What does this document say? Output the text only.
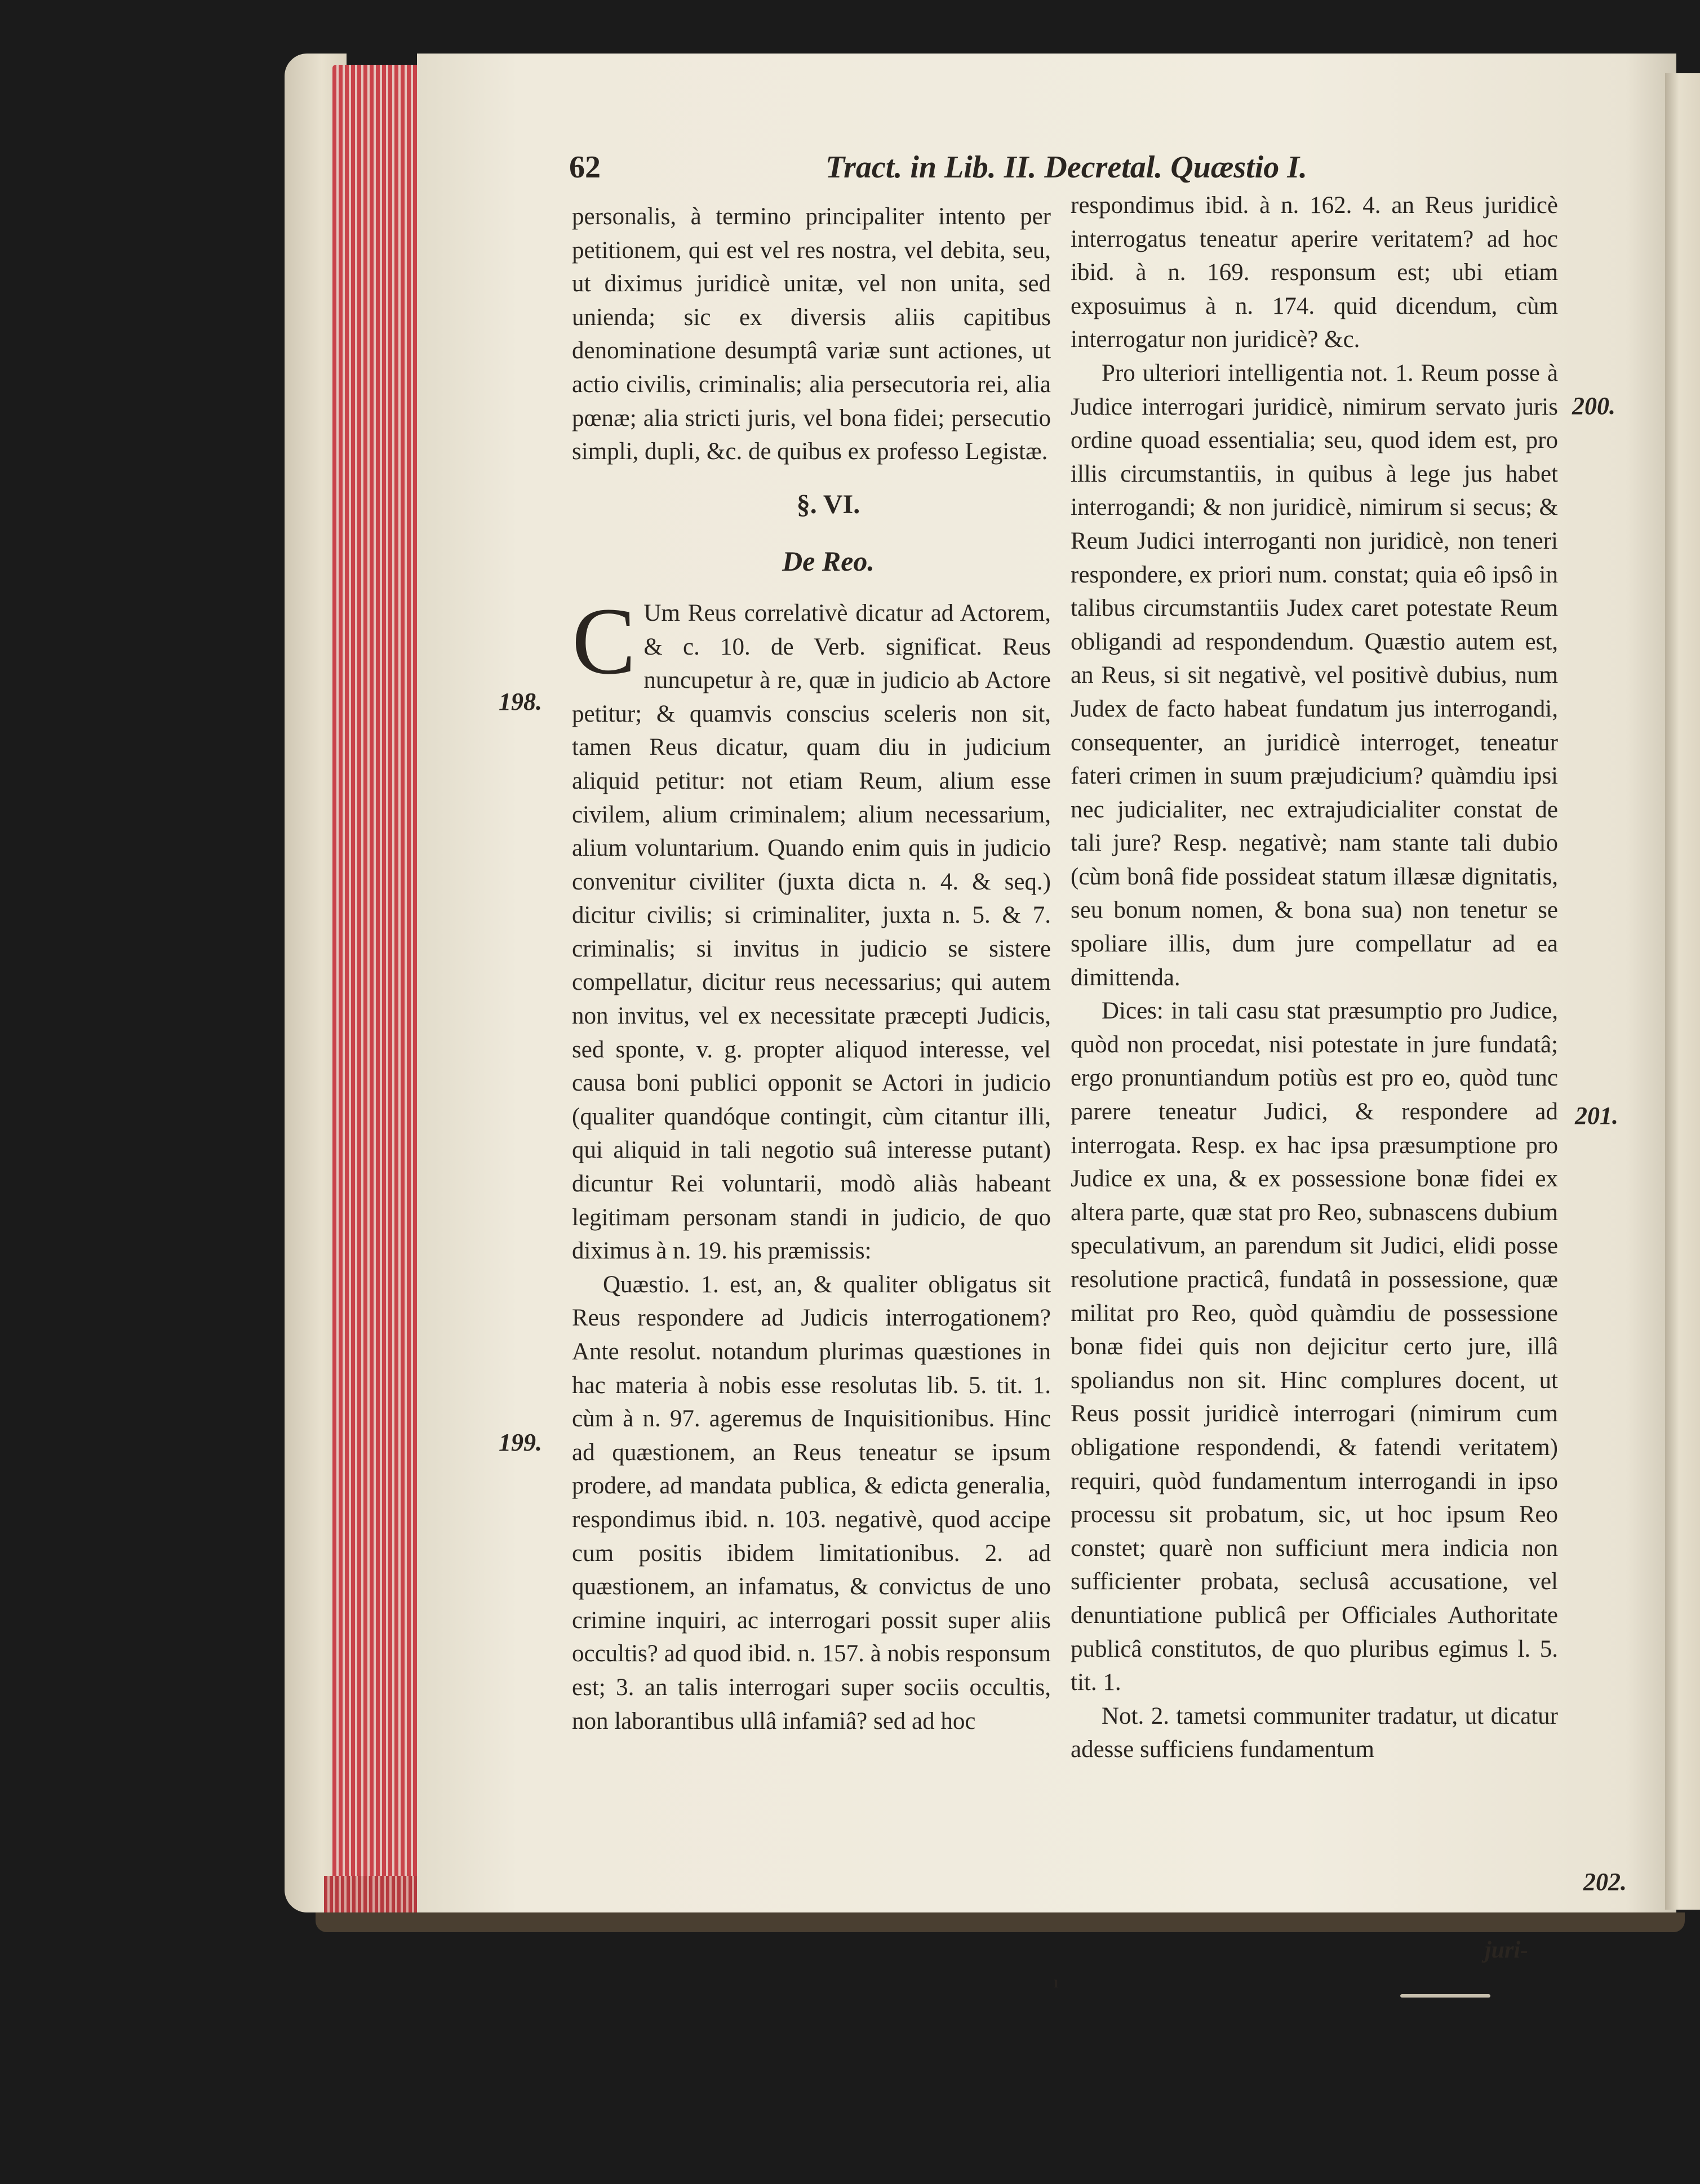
62	Tract. in Lib. II. Decretal. Quæstio I.

personalis, à termino principaliter intento per petitionem, qui est vel res nostra, vel debita, seu, ut diximus juridicè unitæ, vel non unita, sed unienda; sic ex diversis aliis capitibus denominatione desumptâ variæ sunt actiones, ut actio civilis, criminalis; alia persecutoria rei, alia pœnæ; alia stricti juris, vel bona fidei; persecutio simpli, dupli, &c. de quibus ex professo Legistæ.

§. VI.

De Reo.

C Um Reus correlativè dicatur ad Actorem, & c. 10. de Verb. significat. Reus nuncupetur à re, quæ in judicio ab Actore petitur; & quamvis conscius sceleris non sit, tamen Reus dicatur, quam diu in judicium aliquid petitur: not etiam Reum, alium esse civilem, alium criminalem; alium necessarium, alium voluntarium. Quando enim quis in judicio convenitur civiliter (juxta dicta n. 4. & seq.) dicitur civilis; si criminaliter, juxta n. 5. & 7. criminalis; si invitus in judicio se sistere compellatur, dicitur reus necessarius; qui autem non invitus, vel ex necessitate præcepti Judicis, sed sponte, v. g. propter aliquod interesse, vel causa boni publici opponit se Actori in judicio (qualiter quandóque contingit, cùm citantur illi, qui aliquid in tali negotio suâ interesse putant) dicuntur Rei voluntarii, modò aliàs habeant legitimam personam standi in judicio, de quo diximus à n. 19. his præmissis:

Quæstio. 1. est, an, & qualiter obligatus sit Reus respondere ad Judicis interrogationem? Ante resolut. notandum plurimas quæstiones in hac materia à nobis esse resolutas lib. 5. tit. 1. cùm à n. 97. ageremus de Inquisitionibus. Hinc ad quæstionem, an Reus teneatur se ipsum prodere, ad mandata publica, & edicta generalia, respondimus ibid. n. 103. negativè, quod accipe cum positis ibidem limitationibus. 2. ad quæstionem, an infamatus, & convictus de uno crimine inquiri, ac interrogari possit super aliis occultis? ad quod ibid. n. 157. à nobis responsum est; 3. an talis interrogari super sociis occultis, non laborantibus ullâ infamiâ? sed ad hoc

respondimus ibid. à n. 162. 4. an Reus juridicè interrogatus teneatur aperire veritatem? ad hoc ibid. à n. 169. responsum est; ubi etiam exposuimus à n. 174. quid dicendum, cùm interrogatur non juridicè? &c.

Pro ulteriori intelligentia not. 1. Reum posse à Judice interrogari juridicè, nimirum servato juris ordine quoad essentialia; seu, quod idem est, pro illis circumstantiis, in quibus à lege jus habet interrogandi; & non juridicè, nimirum si secus; & Reum Judici interroganti non juridicè, non teneri respondere, ex priori num. constat; quia eô ipsô in talibus circumstantiis Judex caret potestate Reum obligandi ad respondendum. Quæstio autem est, an Reus, si sit negativè, vel positivè dubius, num Judex de facto habeat fundatum jus interrogandi, consequenter, an juridicè interroget, teneatur fateri crimen in suum præjudicium? quàmdiu ipsi nec judicialiter, nec extrajudicialiter constat de tali jure? Resp. negativè; nam stante tali dubio (cùm bonâ fide possideat statum illæsæ dignitatis, seu bonum nomen, & bona sua) non tenetur se spoliare illis, dum jure compellatur ad ea dimittenda.

Dices: in tali casu stat præsumptio pro Judice, quòd non procedat, nisi potestate in jure fundatâ; ergo pronuntiandum potiùs est pro eo, quòd tunc parere teneatur Judici, & respondere ad interrogata. Resp. ex hac ipsa præsumptione pro Judice ex una, & ex possessione bonæ fidei ex altera parte, quæ stat pro Reo, subnascens dubium speculativum, an parendum sit Judici, elidi posse resolutione practicâ, fundatâ in possessione, quæ militat pro Reo, quòd quàmdiu de possessione bonæ fidei quis non dejicitur certo jure, illâ spoliandus non sit. Hinc complures docent, ut Reus possit juridicè interrogari (nimirum cum obligatione respondendi, & fatendi veritatem) requiri, quòd fundamentum interrogandi in ipso processu sit probatum, sic, ut hoc ipsum Reo constet; quarè non sufficiunt mera indicia non sufficienter probata, seclusâ accusatione, vel denuntiatione publicâ per Officiales Authoritate publicâ constitutos, de quo pluribus egimus l. 5. tit. 1.

Not. 2. tametsi communiter tradatur, ut dicatur adesse sufficiens fundamentum

198.
199.
200.
201.
202.
juri-
ı
